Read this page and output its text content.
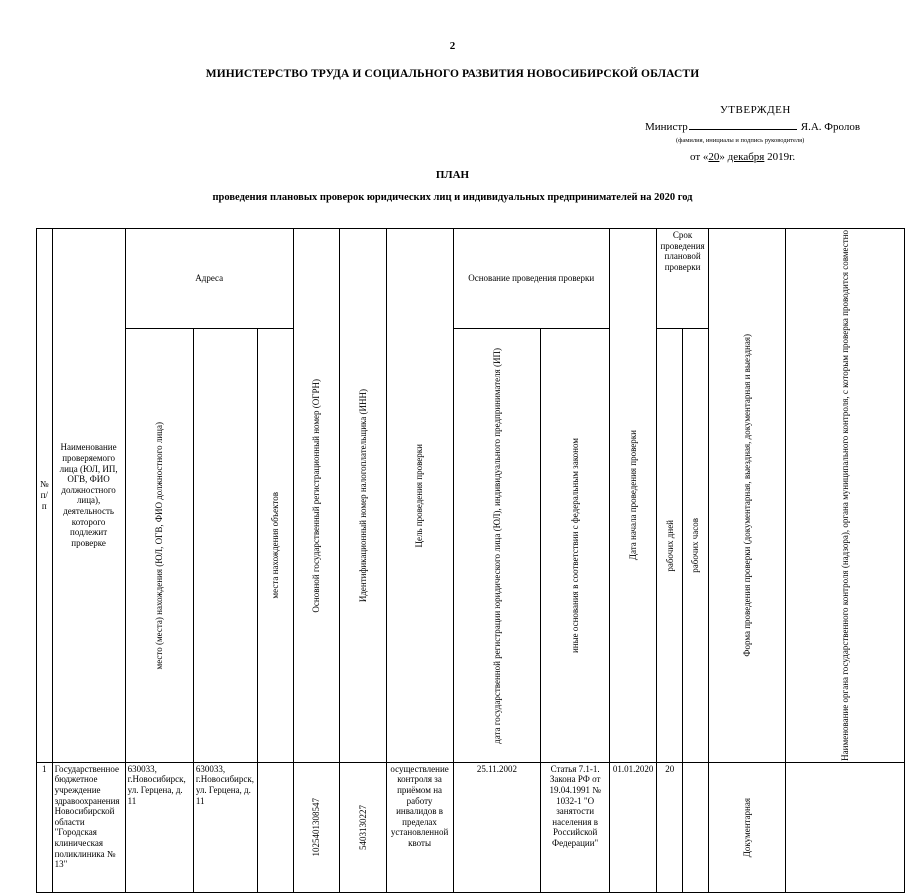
2
МИНИСТЕРСТВО ТРУДА И СОЦИАЛЬНОГО РАЗВИТИЯ НОВОСИБИРСКОЙ ОБЛАСТИ
УТВЕРЖДЕН
Министр	Я.А. Фролов
(фамилия, инициалы и подпись руководителя)
от «20» декабря 2019г.
ПЛАН
проведения плановых проверок юридических лиц и индивидуальных предпринимателей на 2020 год
№ п/п	Наименование проверяемого лица (ЮЛ, ИП, ОГВ, ФИО должностного лица), деятельность которого подлежит проверке	Адреса			Основной государственный регистрационный номер (ОГРН)	Идентификационный номер налогоплательщика (ИНН)	Цель проведения проверки	Основание проведения проверки		Дата начала проведения проверки	Срок проведения плановой проверки		Форма проведения проверки (документарная, выездная, документарная и выездная)	Наименование органа государственного контроля (надзора), органа муниципального контроля, с которым проверка проводится совместно

		место (места) нахождения (ЮЛ, ОГВ, ФИО должностного лица)		места нахождения объектов				дата государственной регистрации юридического лица (ЮЛ), индивидуального предпринимателя (ИП)	иные основания в соответствии с федеральным законом		рабочих дней	рабочих часов		

1	Государственное бюджетное учреждение здравоохранения Новосибирской области "Городская клиническая поликлиника № 13"	630033, г.Новосибирск, ул. Герцена, д. 11	630033, г.Новосибирск, ул. Герцена, д. 11		1025401308547	5403130227	осуществление контроля за приёмом на работу инвалидов в пределах установленной квоты	25.11.2002	Статья 7.1-1. Закона РФ от 19.04.1991 № 1032-1 "О занятости населения в Российской Федерации"	01.01.2020	20		Документарная	
